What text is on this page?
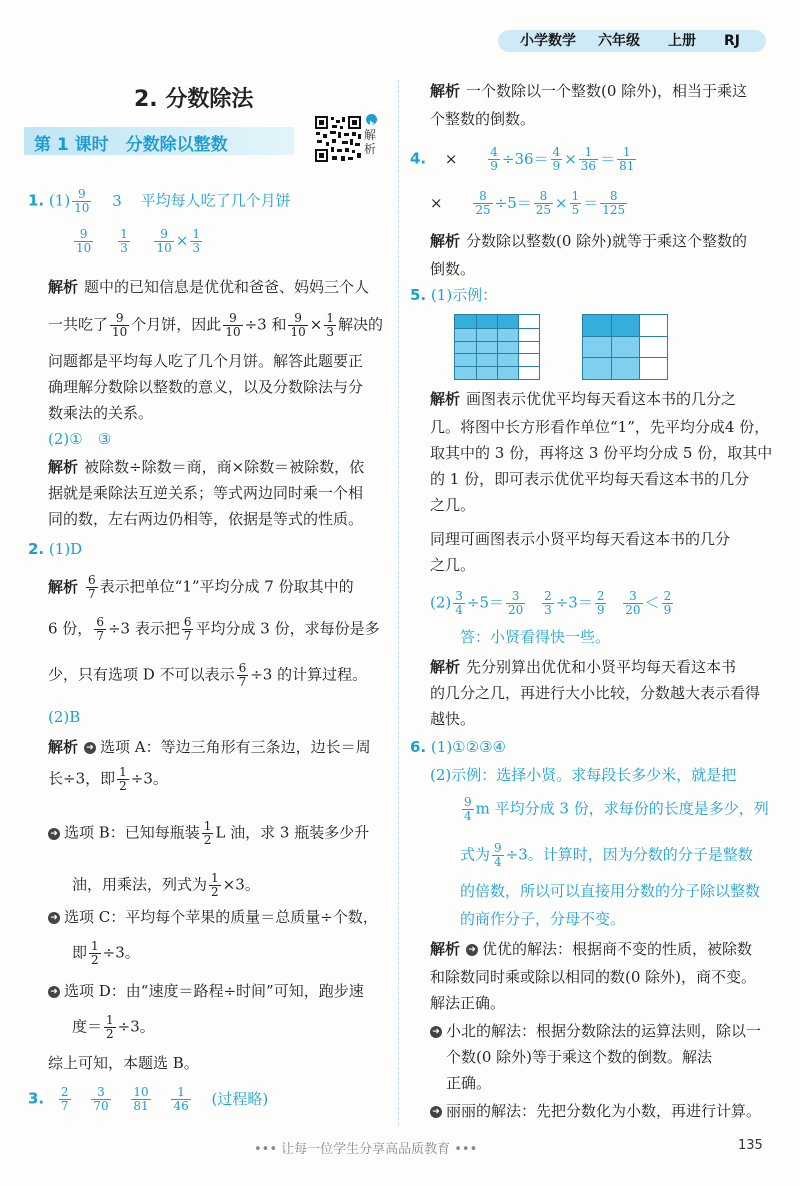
小学数学 六年级 上册 RJ
2. 分数除法
第 1 课时　分数除以整数	解析
1. $(1) \frac{9}{10} 3$ 平均每人吃了几个月饼
$\frac{9}{10}$
$\frac{1}{3}$
$\frac{9}{10} \times \frac{1}{3}$
解析 题中的已知信息是优优和爸爸、妈妈三个人
一共吃了 $\frac{9}{10}$ 个月饼，因此 $\frac{9}{10} \div 3$ 和 $\frac{9}{10} \times \frac{1}{3}$ 解决的
问题都是平均每人吃了几个月饼。解答此题要正
确理解分数除以整数的意义，以及分数除法与分
数乘法的关系。
(2)①　③
解析 被除数÷除数＝商，商×除数＝被除数，依
据就是乘除法互逆关系；等式两边同时乘一个相
同的数，左右两边仍相等，依据是等式的性质。
2. (1)D
解析 $\frac{6}{7}$ 表示把单位“1”平均分成 7 份取其中的
6 份， $\frac{6}{7} \div 3$ 表示把 $\frac{6}{7}$ 平均分成 3 份，求每份是多
少，只有选项 D 不可以表示 $\frac{6}{7} \div 3$ 的计算过程。
(2)B
解析 ➜ 选项 A：等边三角形有三条边，边长＝周
长÷3，即 $\frac{1}{2} \div 3$。
➜ 选项 B：已知每瓶装 $\frac{1}{2}$ L 油，求 3 瓶装多少升
油，用乘法，列式为 $\frac{1}{2} \times 3$。
➜ 选项 C：平均每个苹果的质量＝总质量÷个数，
即 $\frac{1}{2} \div 3$。
➜ 选项 D：由“速度＝路程÷时间”可知，跑步速
度＝ $\frac{1}{2} \div 3$。
综上可知，本题选 B。
3. $\frac{2}{7}$
$\frac{3}{70}$
$\frac{10}{81}$
$\frac{1}{46}$ (过程略)
解析 一个数除以一个整数(0 除外)，相当于乘这
个整数的倒数。
4. ×	$\frac{4}{9} \div 36= \frac{4}{9} \times \frac{1}{36} = \frac{1}{81}$
×	$\frac{8}{25} \div 5= \frac{8}{25} \times \frac{1}{5} = \frac{8}{125}$
解析 分数除以整数(0 除外)就等于乘这个整数的
倒数。
5. (1)示例：
解析 画图表示优优平均每天看这本书的几分之
几。将图中长方形看作单位“1”，先平均分成4 份，
取其中的 3 份，再将这 3 份平均分成 5 份，取其中
的 1 份，即可表示优优平均每天看这本书的几分
之几。
同理可画图表示小贤平均每天看这本书的几分
之几。
$(2) \frac{3}{4} \div 5= \frac{3}{20}$
$\frac{2}{3} \div 3= \frac{2}{9}$
$\frac{3}{20} < \frac{2}{9}$
答：小贤看得快一些。
解析 先分别算出优优和小贤平均每天看这本书
的几分之几，再进行大小比较，分数越大表示看得
越快。
6. (1)①②③④
(2)示例：选择小贤。求每段长多少米，就是把
$\frac{9}{4}$ m 平均分成 3 份，求每份的长度是多少，列
式为 $\frac{9}{4} \div 3$。计算时，因为分数的分子是整数
的倍数，所以可以直接用分数的分子除以整数
的商作分子，分母不变。
解析 ➜ 优优的解法：根据商不变的性质，被除数
和除数同时乘或除以相同的数(0 除外)，商不变。
解法正确。
➜ 小北的解法：根据分数除法的运算法则，除以一
个数(0 除外)等于乘这个数的倒数。解法
正确。
➜ 丽丽的解法：先把分数化为小数，再进行计算。
••• 让每一位学生分享高品质教育 •••	135
